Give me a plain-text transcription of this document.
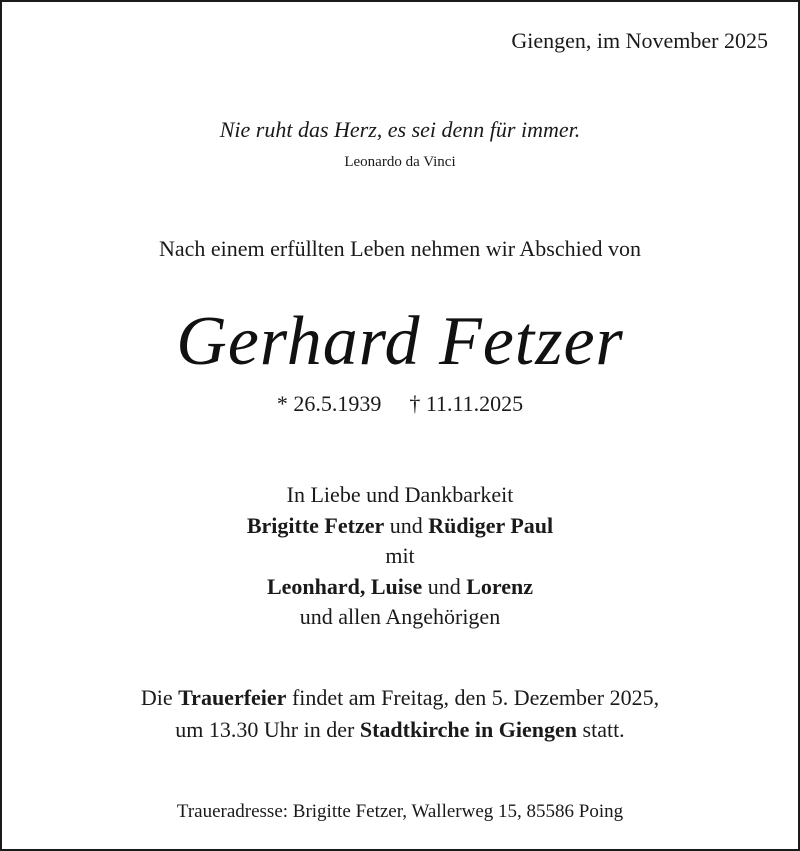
Giengen, im November 2025
Nie ruht das Herz, es sei denn für immer.
Leonardo da Vinci
Nach einem erfüllten Leben nehmen wir Abschied von
Gerhard Fetzer
* 26.5.1939 † 11.11.2025
In Liebe und Dankbarkeit
Brigitte Fetzer und Rüdiger Paul
mit
Leonhard, Luise und Lorenz
und allen Angehörigen
Die Trauerfeier findet am Freitag, den 5. Dezember 2025,
um 13.30 Uhr in der Stadtkirche in Giengen statt.
Traueradresse: Brigitte Fetzer, Wallerweg 15, 85586 Poing
